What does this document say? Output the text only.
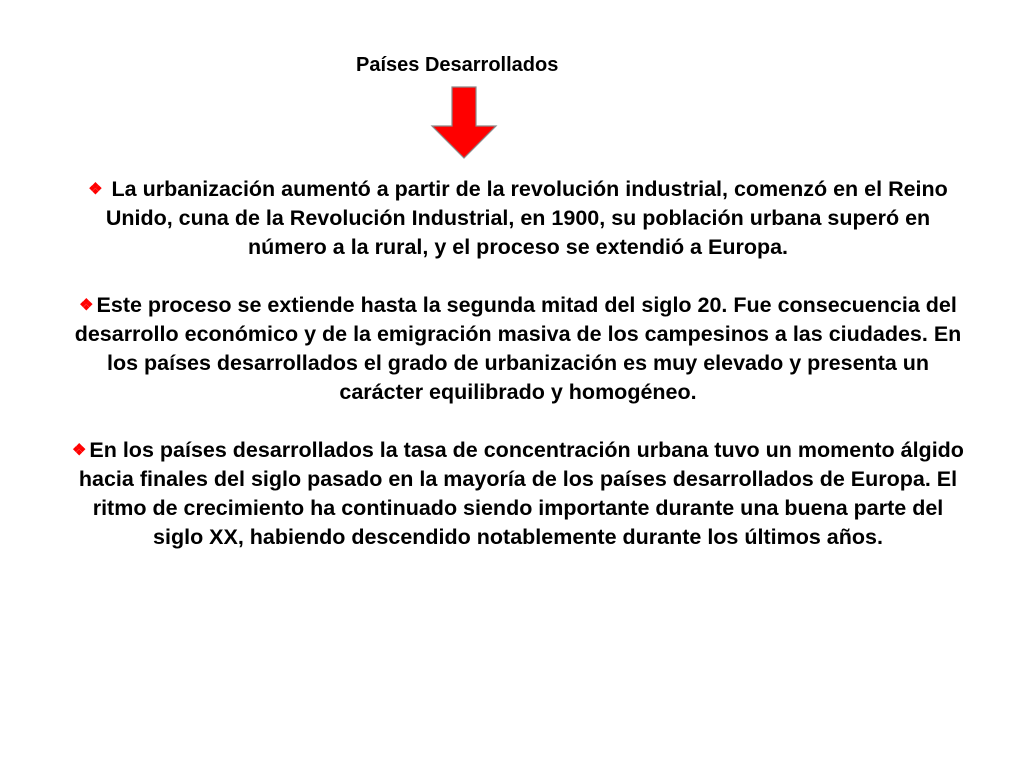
Países Desarrollados

❖ La urbanización aumentó a partir de la revolución industrial, comenzó en el Reino Unido, cuna de la Revolución Industrial, en 1900, su población urbana superó en número a la rural, y el proceso se extendió a Europa.

❖ Este proceso se extiende hasta la segunda mitad del siglo 20. Fue consecuencia del desarrollo económico y de la emigración masiva de los campesinos a las ciudades. En los países desarrollados el grado de urbanización es muy elevado y presenta un carácter equilibrado y homogéneo.

❖ En los países desarrollados la tasa de concentración urbana tuvo un momento álgido hacia finales del siglo pasado en la mayoría de los países desarrollados de Europa. El ritmo de crecimiento ha continuado siendo importante durante una buena parte del siglo XX, habiendo descendido notablemente durante los últimos años.
